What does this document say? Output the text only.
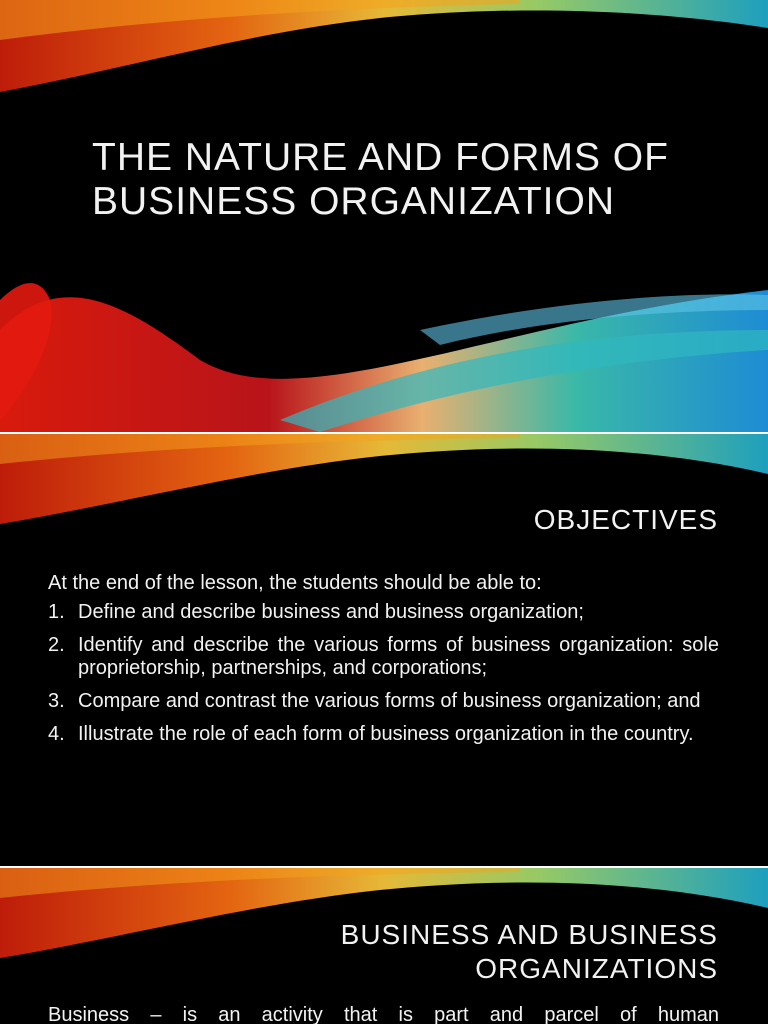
THE NATURE AND FORMS OF BUSINESS ORGANIZATION
OBJECTIVES

At the end of the lesson, the students should be able to:

1. Define and describe business and business organization;
2. Identify and describe the various forms of business organization: sole proprietorship, partnerships, and corporations;
3. Compare and contrast the various forms of business organization; and
4. Illustrate the role of each form of business organization in the country.
BUSINESS AND BUSINESS ORGANIZATIONS
Business – is an activity that is part and parcel of human
